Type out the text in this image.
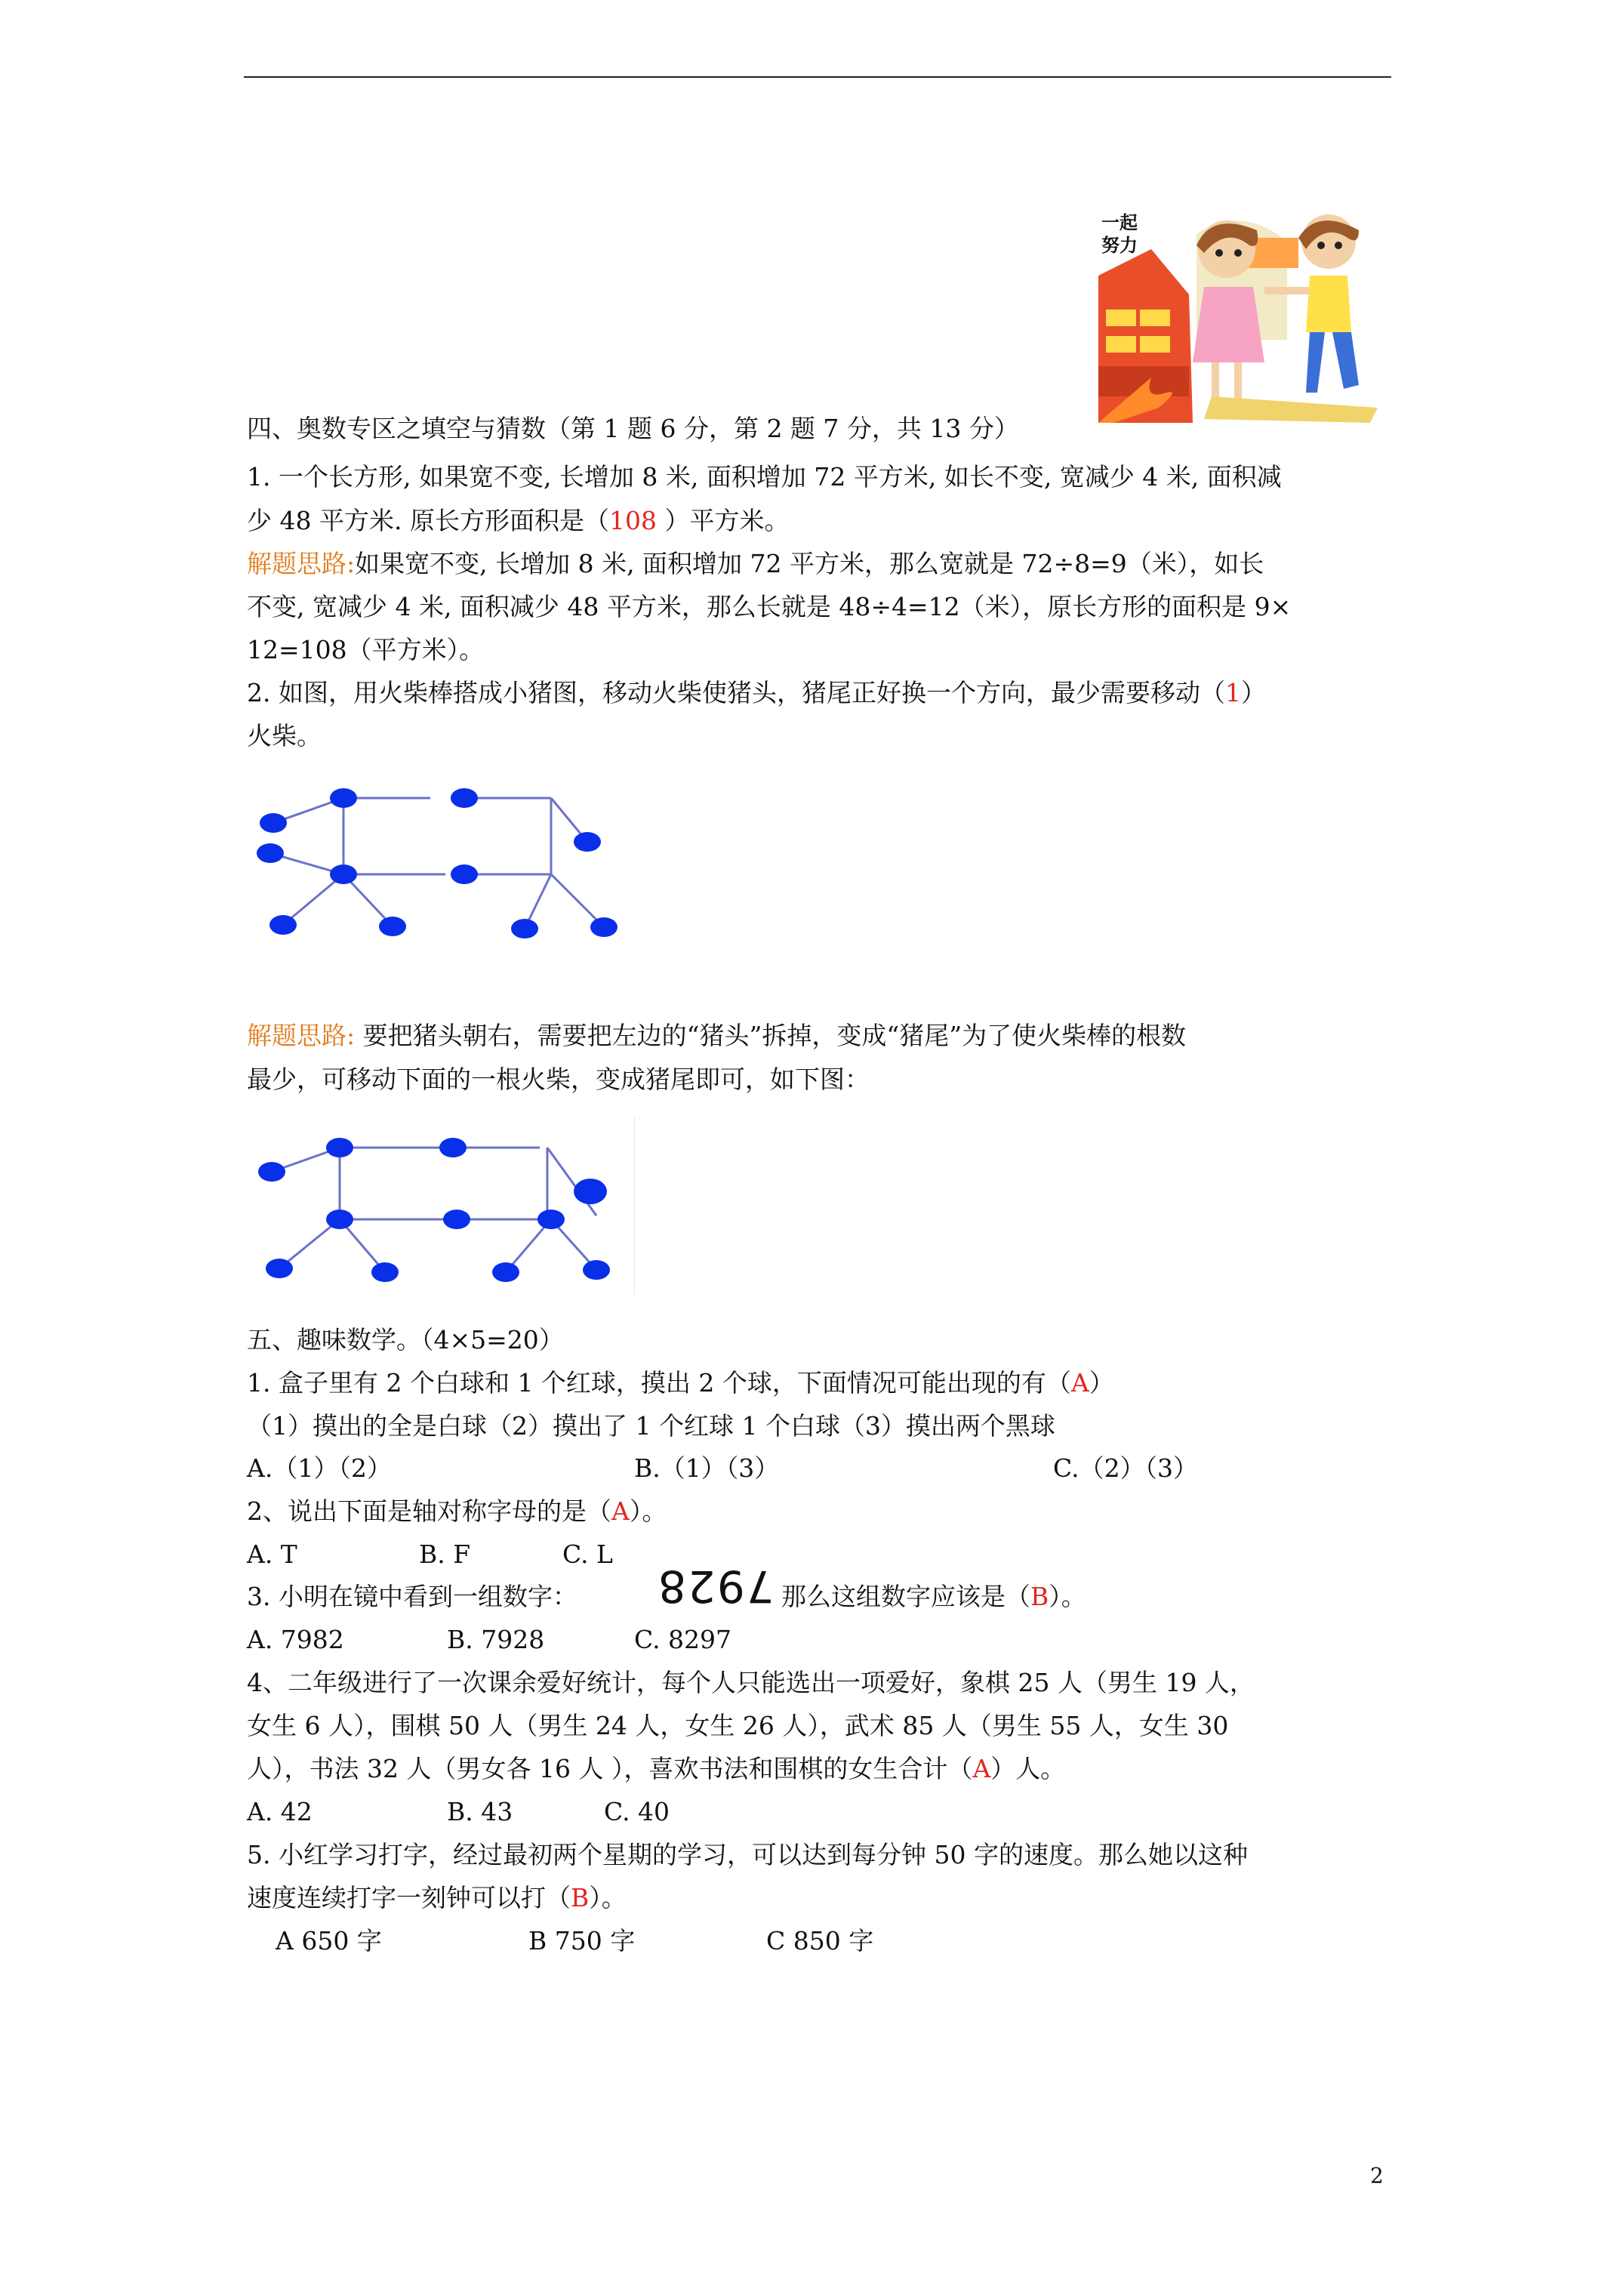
一起
努力
四、奥数专区之填空与猜数（第 1 题 6 分，第 2 题 7 分，共 13 分）
1. 一个长方形, 如果宽不变, 长增加 8 米, 面积增加 72 平方米, 如长不变, 宽减少 4 米, 面积减
少 48 平方米. 原长方形面积是（108 ）平方米。
解题思路:如果宽不变, 长增加 8 米, 面积增加 72 平方米，那么宽就是 72÷8=9（米），如长
不变, 宽减少 4 米, 面积减少 48 平方米，那么长就是 48÷4=12（米），原长方形的面积是 9×
12=108（平方米）。
2. 如图，用火柴棒搭成小猪图，移动火柴使猪头，猪尾正好换一个方向，最少需要移动（1）
火柴。
解题思路: 要把猪头朝右，需要把左边的“猪头”拆掉，变成“猪尾”为了使火柴棒的根数
最少，可移动下面的一根火柴，变成猪尾即可，如下图：
五、趣味数学。（4×5=20）
1. 盒子里有 2 个白球和 1 个红球，摸出 2 个球，下面情况可能出现的有（A）
（1）摸出的全是白球（2）摸出了 1 个红球 1 个白球（3）摸出两个黑球
A.（1）（2）	B.（1）（3）	C.（2）（3）
2、说出下面是轴对称字母的是（A）。
A. T	B. F	C. L
3. 小明在镜中看到一组数字： 7928 那么这组数字应该是（B）。
A. 7982	B. 7928	C. 8297
4、二年级进行了一次课余爱好统计，每个人只能选出一项爱好，象棋 25 人（男生 19 人，
女生 6 人），围棋 50 人（男生 24 人，女生 26 人），武术 85 人（男生 55 人，女生 30
人），书法 32 人（男女各 16 人 ），喜欢书法和围棋的女生合计（A）人。
A. 42	B. 43	C. 40
5. 小红学习打字，经过最初两个星期的学习，可以达到每分钟 50 字的速度。那么她以这种
速度连续打字一刻钟可以打（B）。
A 650 字	B 750 字	C 850 字
2
